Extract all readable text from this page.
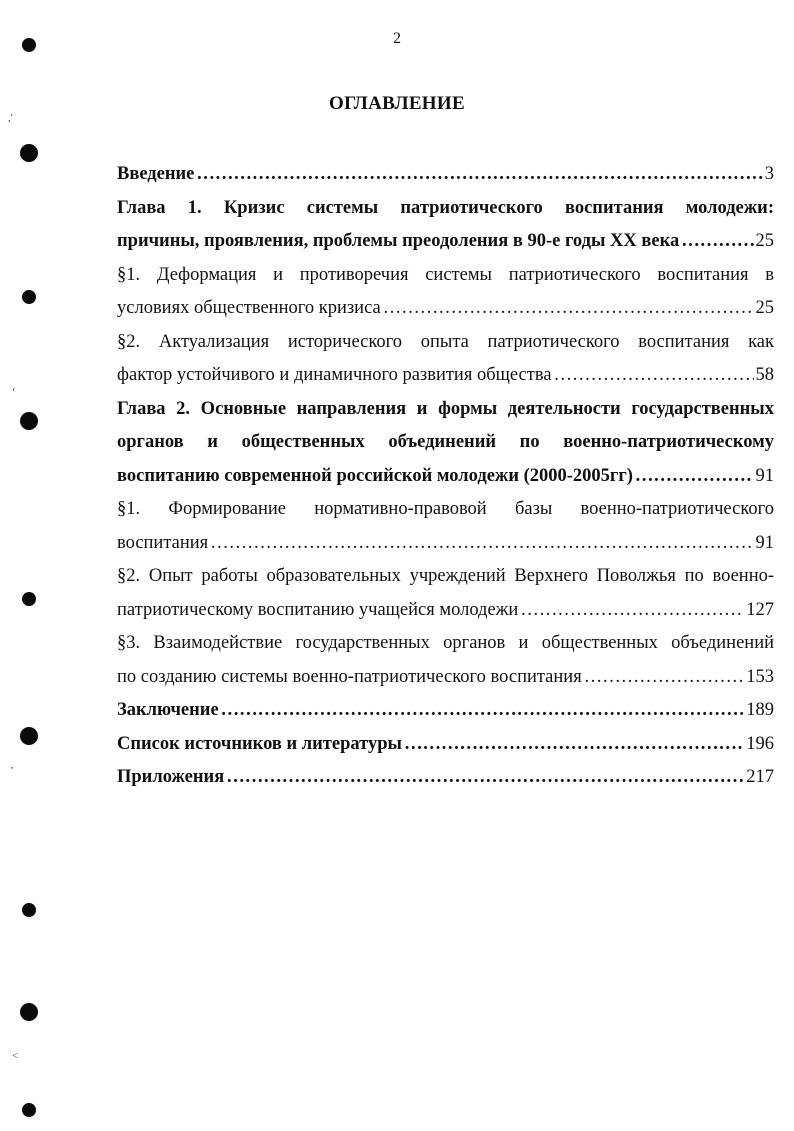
,'
‹
ʼ
˂
2
ОГЛАВЛЕНИЕ
Введение ……………………………………………………………………………………………………………………………………………………………	3
Глава 1. Кризис системы патриотического воспитания молодежи:
причины, проявления, проблемы преодоления в 90-е годы XX века ……………………………………………………………………………………………………………………………………………………………	25
§1. Деформация и противоречия системы патриотического воспитания в
условиях общественного кризиса ……………………………………………………………………………………………………………………………………………………………	25
§2. Актуализация исторического опыта патриотического воспитания как
фактор устойчивого и динамичного развития общества ……………………………………………………………………………………………………………………………………………………………	58
Глава 2. Основные направления и формы деятельности государственных
органов и общественных объединений по военно-патриотическому
воспитанию современной российской молодежи (2000-2005гг) ……………………………………………………………………………………………………………………………………………………………	91
§1. Формирование нормативно-правовой базы военно-патриотического
воспитания ……………………………………………………………………………………………………………………………………………………………	91
§2. Опыт работы образовательных учреждений Верхнего Поволжья по военно-
патриотическому воспитанию учащейся молодежи ……………………………………………………………………………………………………………………………………………………………	127
§3. Взаимодействие государственных органов и общественных объединений
по созданию системы военно-патриотического воспитания ……………………………………………………………………………………………………………………………………………………………	153
Заключение ……………………………………………………………………………………………………………………………………………………………	189
Список источников и литературы ……………………………………………………………………………………………………………………………………………………………	196
Приложения ……………………………………………………………………………………………………………………………………………………………	217
